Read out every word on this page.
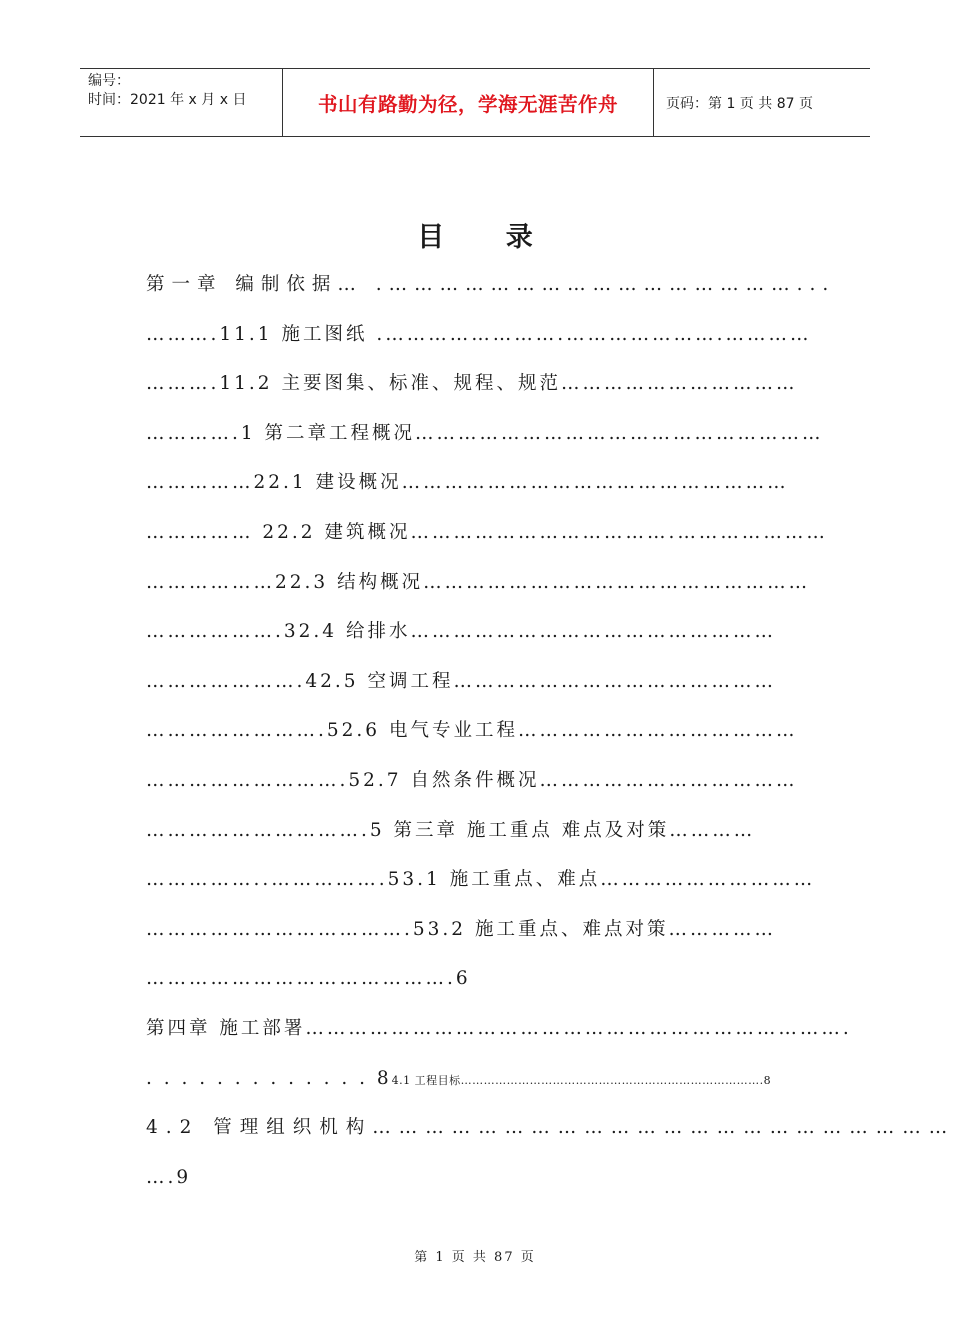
编号：
时间：2021 年 x 月 x 日	书山有路勤为径，学海无涯苦作舟	页码：第 1 页 共 87 页
目 录
第一章 编制依据… .…………………………………………...
……….11.1 施工图纸 .…………………….………………….…………
……….11.2 主要图集、标准、规程、规范……………………………
………….1 第二章工程概况…………………………………………………
……………22.1 建设概况………………………………………………
…………… 22.2 建筑概况……………………………….…………………
………………22.3 结构概况………………………………………………
……………….32.4 给排水……………………………………………
………………….42.5 空调工程………………………………………
…………………….52.6 电气专业工程…………………………………
……………………….52.7 自然条件概况………………………………
………………………….5 第三章 施工重点 难点及对策…………
……………..…………….53.1 施工重点、难点…………………………
……………………………….53.2 施工重点、难点对策……………
…………………………………….6
第四章 施工部署………………………………………………………………….
. . . . . . . . . . . . . 84.1 工程目标…………………………………………………………………….8
4.2 管理组织机构…………………………………………………………
….9
第 1 页 共 87 页
